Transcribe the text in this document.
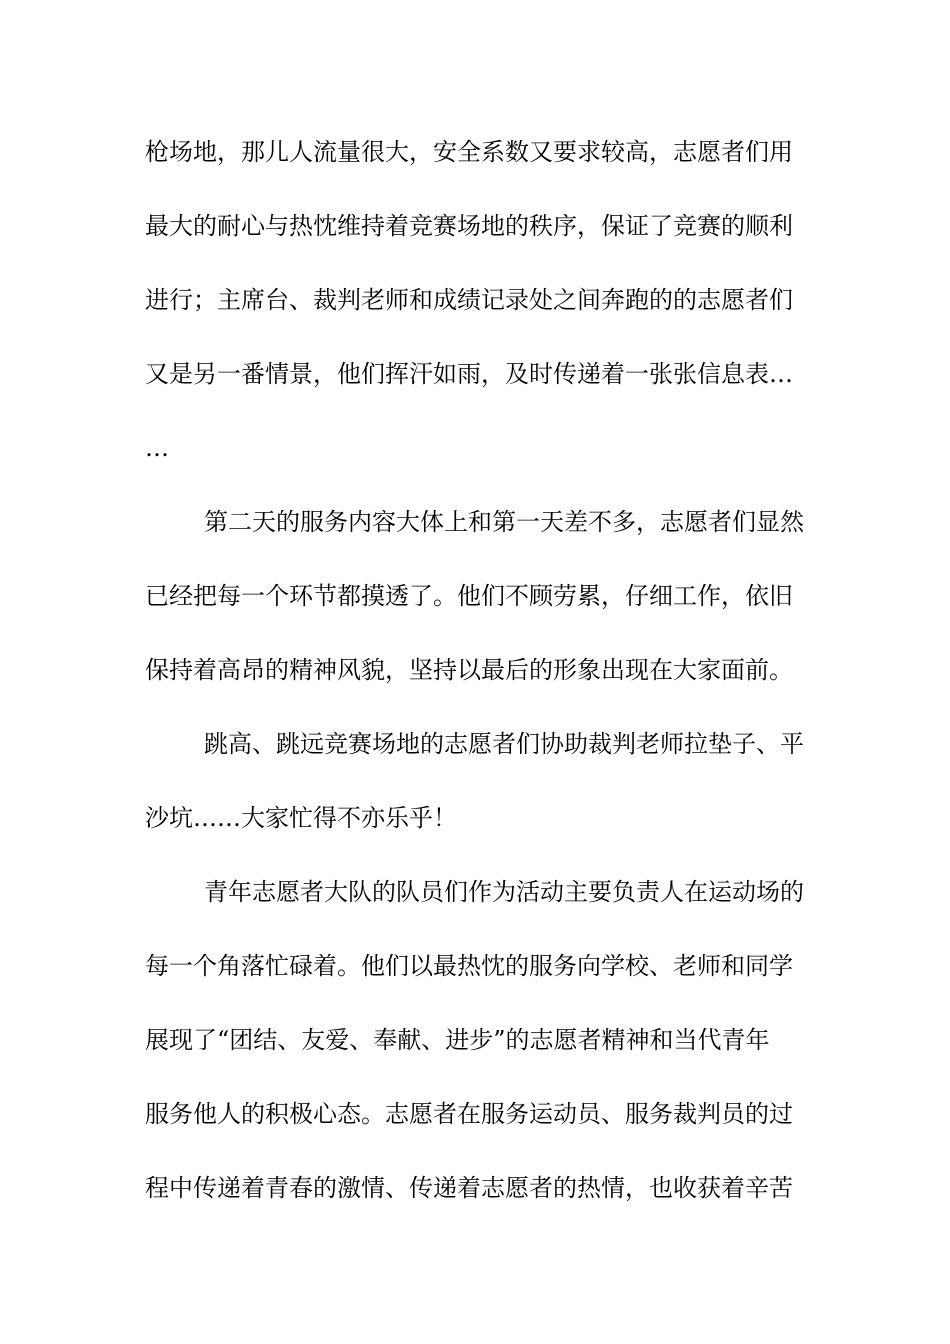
枪场地，那儿人流量很大，安全系数又要求较高，志愿者们用
最大的耐心与热忱维持着竞赛场地的秩序，保证了竞赛的顺利
进行；主席台、裁判老师和成绩记录处之间奔跑的的志愿者们
又是另一番情景，他们挥汗如雨，及时传递着一张张信息表…
…
第二天的服务内容大体上和第一天差不多，志愿者们显然
已经把每一个环节都摸透了。他们不顾劳累，仔细工作，依旧
保持着高昂的精神风貌，坚持以最后的形象出现在大家面前。
跳高、跳远竞赛场地的志愿者们协助裁判老师拉垫子、平
沙坑……大家忙得不亦乐乎！
青年志愿者大队的队员们作为活动主要负责人在运动场的
每一个角落忙碌着。他们以最热忱的服务向学校、老师和同学
展现了“团结、友爱、奉献、进步”的志愿者精神和当代青年
服务他人的积极心态。志愿者在服务运动员、服务裁判员的过
程中传递着青春的激情、传递着志愿者的热情，也收获着辛苦
